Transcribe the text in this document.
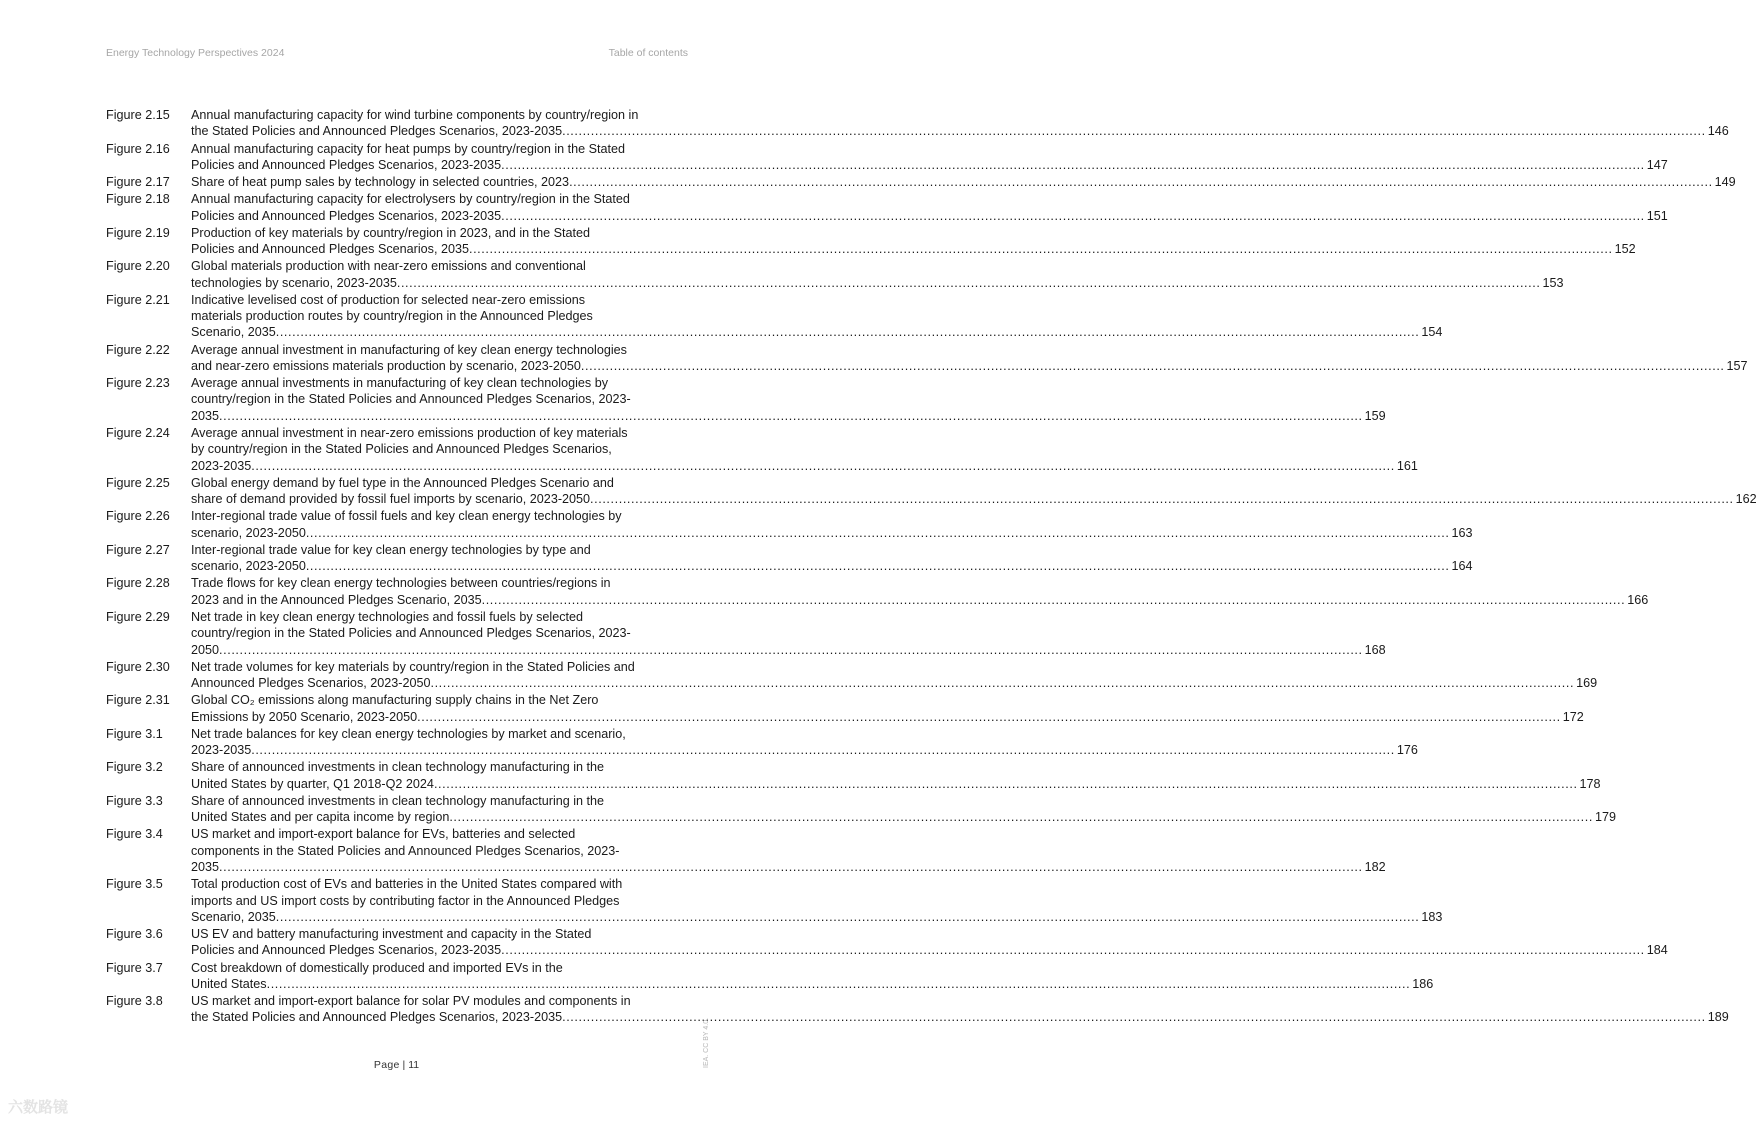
Energy Technology Perspectives 2024	Table of contents
Figure 2.15	Annual manufacturing capacity for wind turbine components by country/region in
the Stated Policies and Announced Pledges Scenarios, 2023-2035 .....	146
Figure 2.16	Annual manufacturing capacity for heat pumps by country/region in the Stated
Policies and Announced Pledges Scenarios, 2023-2035 .....	147
Figure 2.17	Share of heat pump sales by technology in selected countries, 2023 .....	149
Figure 2.18	Annual manufacturing capacity for electrolysers by country/region in the Stated
Policies and Announced Pledges Scenarios, 2023-2035 .....	151
Figure 2.19	Production of key materials by country/region in 2023, and in the Stated
Policies and Announced Pledges Scenarios, 2035 .....	152
Figure 2.20	Global materials production with near-zero emissions and conventional
technologies by scenario, 2023-2035 .....	153
Figure 2.21	Indicative levelised cost of production for selected near-zero emissions
materials production routes by country/region in the Announced Pledges
Scenario, 2035 .....	154
Figure 2.22	Average annual investment in manufacturing of key clean energy technologies
and near-zero emissions materials production by scenario, 2023-2050 .....	157
Figure 2.23	Average annual investments in manufacturing of key clean technologies by
country/region in the Stated Policies and Announced Pledges Scenarios, 2023-
2035 .....	159
Figure 2.24	Average annual investment in near-zero emissions production of key materials
by country/region in the Stated Policies and Announced Pledges Scenarios,
2023-2035 .....	161
Figure 2.25	Global energy demand by fuel type in the Announced Pledges Scenario and
share of demand provided by fossil fuel imports by scenario, 2023-2050 .....	162
Figure 2.26	Inter-regional trade value of fossil fuels and key clean energy technologies by
scenario, 2023-2050 .....	163
Figure 2.27	Inter-regional trade value for key clean energy technologies by type and
scenario, 2023-2050 .....	164
Figure 2.28	Trade flows for key clean energy technologies between countries/regions in
2023 and in the Announced Pledges Scenario, 2035 .....	166
Figure 2.29	Net trade in key clean energy technologies and fossil fuels by selected
country/region in the Stated Policies and Announced Pledges Scenarios, 2023-
2050 .....	168
Figure 2.30	Net trade volumes for key materials by country/region in the Stated Policies and
Announced Pledges Scenarios, 2023-2050 .....	169
Figure 2.31	Global CO₂ emissions along manufacturing supply chains in the Net Zero
Emissions by 2050 Scenario, 2023-2050 .....	172
Figure 3.1	Net trade balances for key clean energy technologies by market and scenario,
2023-2035 .....	176
Figure 3.2	Share of announced investments in clean technology manufacturing in the
United States by quarter, Q1 2018-Q2 2024 .....	178
Figure 3.3	Share of announced investments in clean technology manufacturing in the
United States and per capita income by region .....	179
Figure 3.4	US market and import-export balance for EVs, batteries and selected
components in the Stated Policies and Announced Pledges Scenarios, 2023-
2035 .....	182
Figure 3.5	Total production cost of EVs and batteries in the United States compared with
imports and US import costs by contributing factor in the Announced Pledges
Scenario, 2035 .....	183
Figure 3.6	US EV and battery manufacturing investment and capacity in the Stated
Policies and Announced Pledges Scenarios, 2023-2035 .....	184
Figure 3.7	Cost breakdown of domestically produced and imported EVs in the
United States .....	186
Figure 3.8	US market and import-export balance for solar PV modules and components in
the Stated Policies and Announced Pledges Scenarios, 2023-2035 .....	189
Page | 11	IEA. CC BY 4.0.
六数路镜
